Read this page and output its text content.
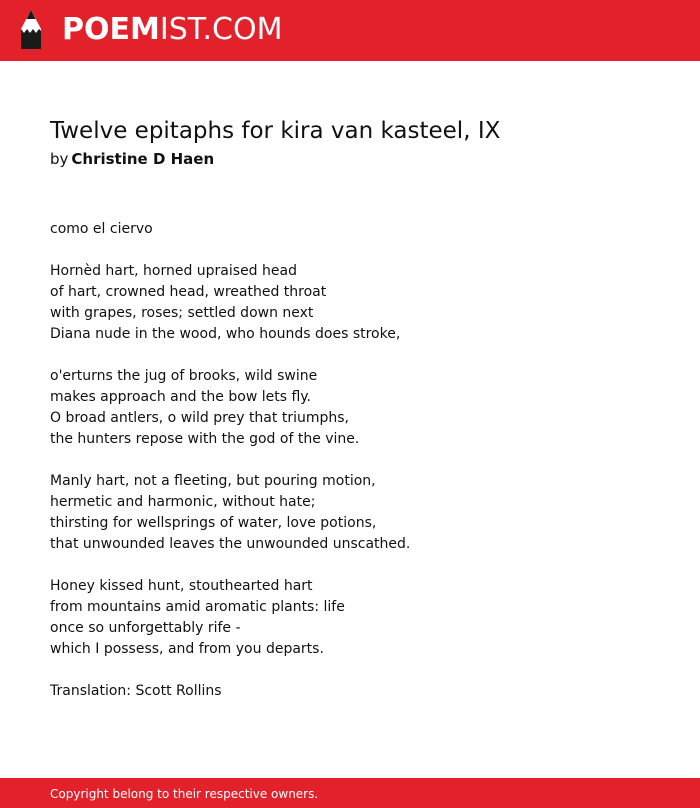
POEMIST.COM
Twelve epitaphs for kira van kasteel, IX
by Christine D Haen
como el ciervo
Hornèd hart, horned upraised head
of hart, crowned head, wreathed throat
with grapes, roses; settled down next
Diana nude in the wood, who hounds does stroke,
o'erturns the jug of brooks, wild swine
makes approach and the bow lets fly.
O broad antlers, o wild prey that triumphs,
the hunters repose with the god of the vine.
Manly hart, not a fleeting, but pouring motion,
hermetic and harmonic, without hate;
thirsting for wellsprings of water, love potions,
that unwounded leaves the unwounded unscathed.
Honey kissed hunt, stouthearted hart
from mountains amid aromatic plants: life
once so unforgettably rife -
which I possess, and from you departs.
Translation: Scott Rollins
Copyright belong to their respective owners.
